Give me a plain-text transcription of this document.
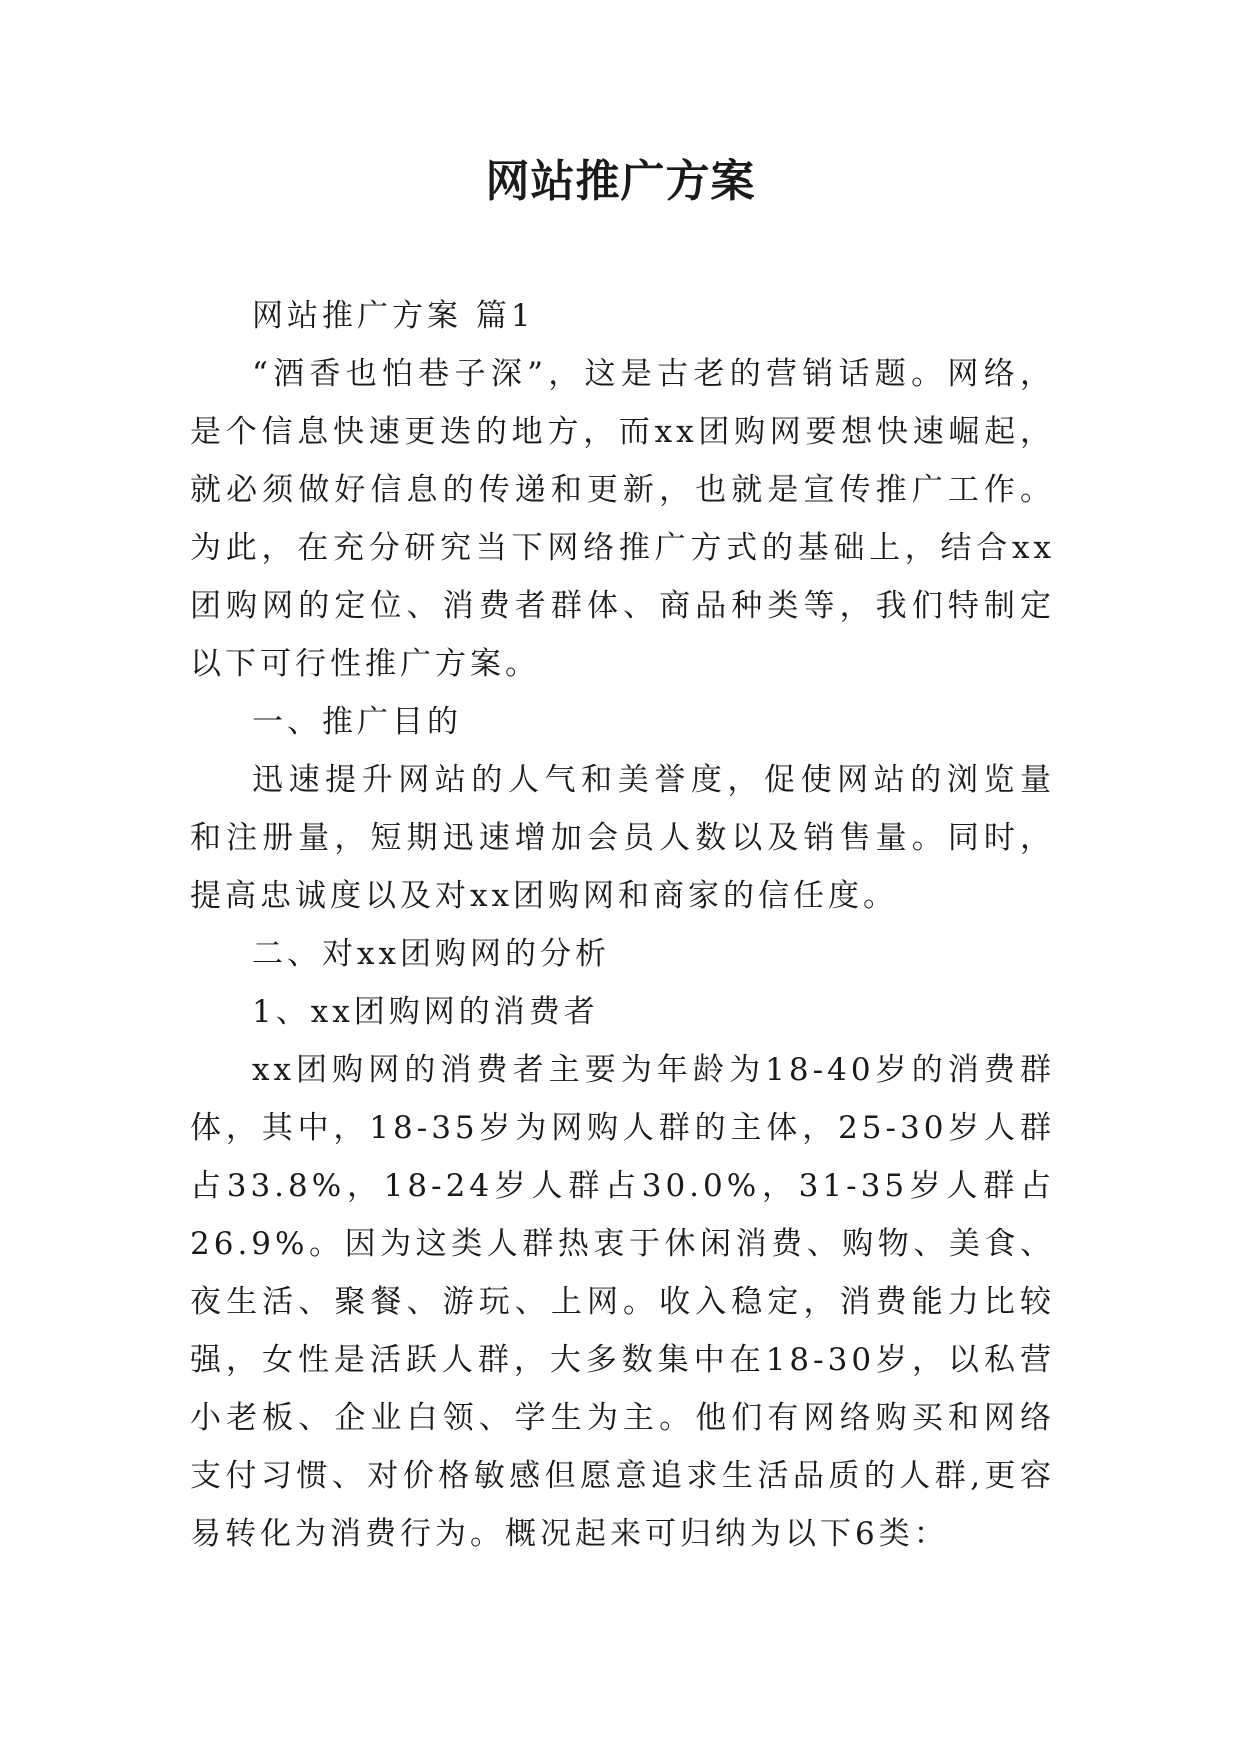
网站推广方案

网站推广方案 篇1

“酒香也怕巷子深”，这是古老的营销话题。网络，是个信息快速更迭的地方，而xx团购网要想快速崛起，就必须做好信息的传递和更新，也就是宣传推广工作。为此，在充分研究当下网络推广方式的基础上，结合xx团购网的定位、消费者群体、商品种类等，我们特制定以下可行性推广方案。

一、推广目的

迅速提升网站的人气和美誉度，促使网站的浏览量和注册量，短期迅速增加会员人数以及销售量。同时，提高忠诚度以及对xx团购网和商家的信任度。

二、对xx团购网的分析

1、xx团购网的消费者

xx团购网的消费者主要为年龄为18-40岁的消费群体，其中，18-35岁为网购人群的主体，25-30岁人群占33.8%，18-24岁人群占30.0%，31-35岁人群占26.9%。因为这类人群热衷于休闲消费、购物、美食、夜生活、聚餐、游玩、上网。收入稳定，消费能力比较强，女性是活跃人群，大多数集中在18-30岁，以私营小老板、企业白领、学生为主。他们有网络购买和网络支付习惯、对价格敏感但愿意追求生活品质的人群,更容易转化为消费行为。概况起来可归纳为以下6类：
